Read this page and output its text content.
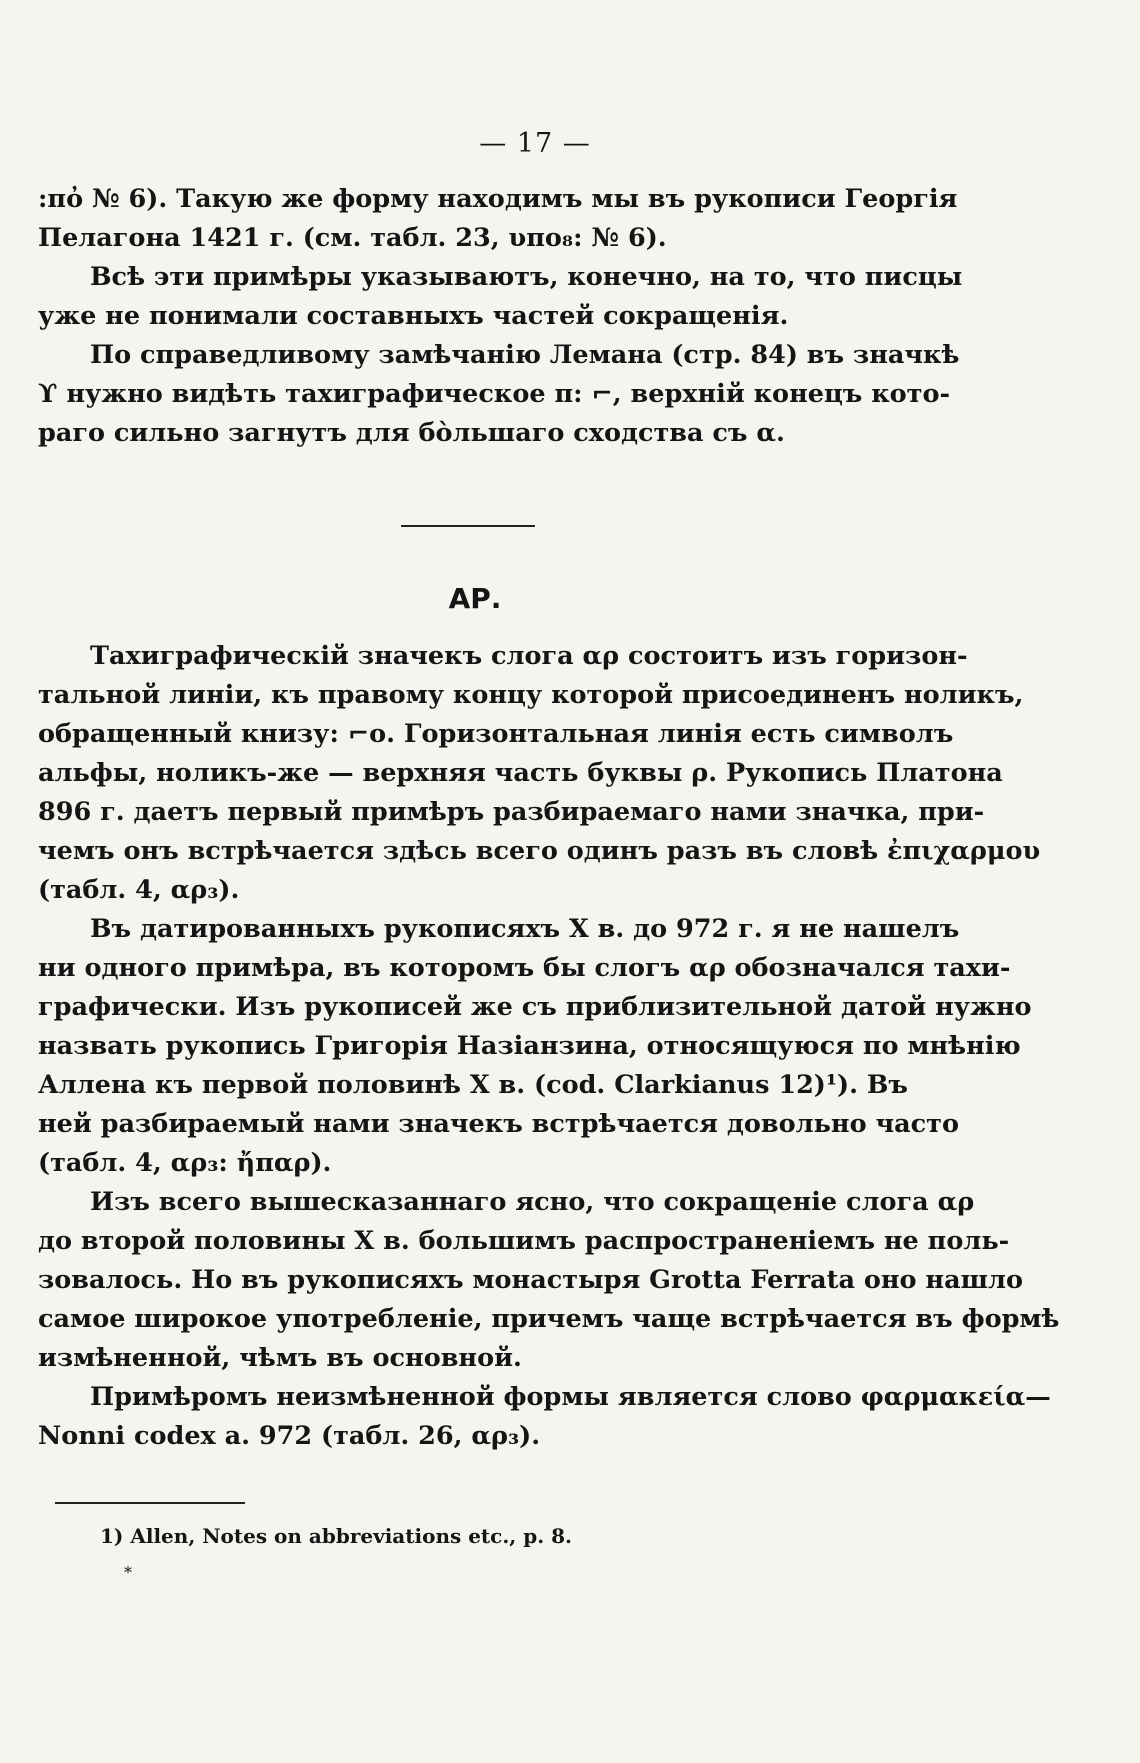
— 17 —
:πὀ № 6). Такую же форму находимъ мы въ рукописи Георгія
Пелагона 1421 г. (см. табл. 23, υπο₈: № 6).
Всѣ эти примѣры указываютъ, конечно, на то, что писцы
уже не понимали составныхъ частей сокращенія.
По справедливому замѣчанію Лемана (стр. 84) въ значкѣ
ϒ нужно видѣть тахиграфическое π: ⌐, верхній конецъ кото-
раго сильно загнутъ для бо̀льшаго сходства съ α.
АР.
Тахиграфическій значекъ слога αρ состоитъ изъ горизон-
тальной линіи, къ правому концу которой присоединенъ ноликъ,
обращенный книзу: ⌐ο. Горизонтальная линія есть символъ
альфы, ноликъ-же — верхняя часть буквы ρ. Рукопись Платона
896 г. даетъ первый примѣръ разбираемаго нами значка, при-
чемъ онъ встрѣчается здѣсь всего одинъ разъ въ словѣ ἐπιχαρμου
(табл. 4, αρ₃).
Въ датированныхъ рукописяхъ X в. до 972 г. я не нашелъ
ни одного примѣра, въ которомъ бы слогъ αρ обозначался тахи-
графически. Изъ рукописей же съ приблизительной датой нужно
назвать рукопись Григорія Назіанзина, относящуюся по мнѣнію
Аллена къ первой половинѣ X в. (cod. Clarkianus 12)¹). Въ
ней разбираемый нами значекъ встрѣчается довольно часто
(табл. 4, αρ₃: ἤπαρ).
Изъ всего вышесказаннаго ясно, что сокращеніе слога αρ
до второй половины X в. большимъ распространеніемъ не поль-
зовалось. Но въ рукописяхъ монастыря Grotta Ferrata оно нашло
самое широкое употребленіе, причемъ чаще встрѣчается въ формѣ
измѣненной, чѣмъ въ основной.
Примѣромъ неизмѣненной формы является слово φαρμακεία—
Nonni codex a. 972 (табл. 26, αρ₃).
1) Allen, Notes on abbreviations etc., p. 8.
*
